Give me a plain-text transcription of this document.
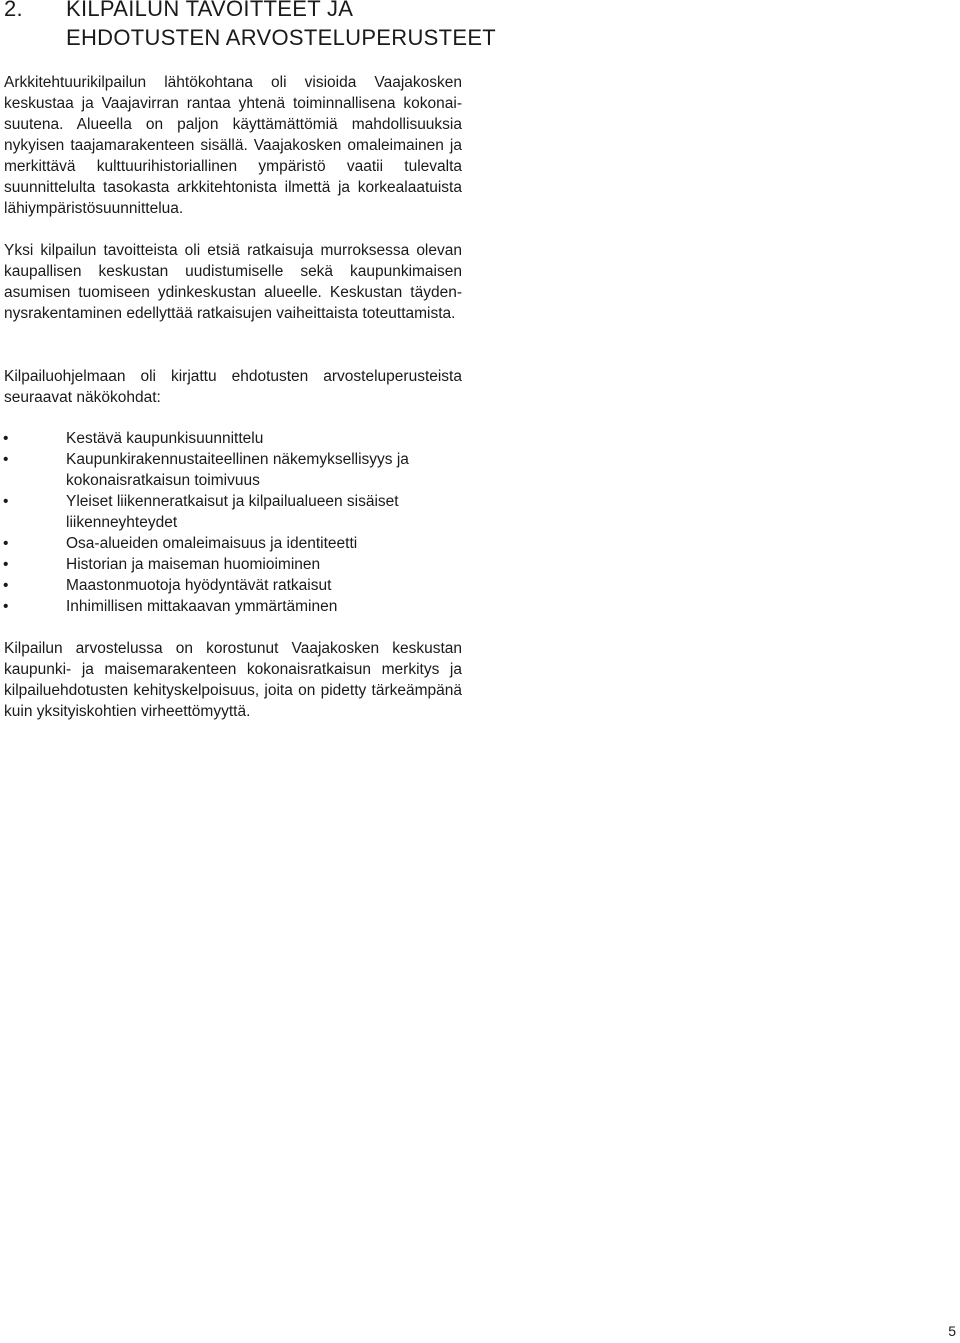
2. KILPAILUN TAVOITTEET JA
EHDOTUSTEN ARVOSTELUPERUSTEET

Arkkitehtuurikilpailun lähtökohtana oli visioida Vaajakosken keskustaa ja Vaajavirran rantaa yhtenä toiminnallisena kokonaisuutena. Alueella on paljon käyttämättömiä mahdollisuuksia nykyisen taajamarakenteen sisällä. Vaajakosken omaleimainen ja merkittävä kulttuurihistoriallinen ympäristö vaatii tulevalta suunnittelulta tasokasta arkkitehtonista ilmettä ja korkealaatuista lähiympäristösuunnittelua.

Yksi kilpailun tavoitteista oli etsiä ratkaisuja murroksessa olevan kaupallisen keskustan uudistumiselle sekä kaupunkimaisen asumisen tuomiseen ydinkeskustan alueelle. Keskustan täydennysrakentaminen edellyttää ratkaisujen vaiheittaista toteuttamista.

Kilpailuohjelmaan oli kirjattu ehdotusten arvosteluperusteista seuraavat näkökohdat:

•	Kestävä kaupunkisuunnittelu
•	Kaupunkirakennustaiteellinen näkemyksellisyys ja kokonaisratkaisun toimivuus
•	Yleiset liikenneratkaisut ja kilpailualueen sisäiset liikenneyhteydet
•	Osa-alueiden omaleimaisuus ja identiteetti
•	Historian ja maiseman huomioiminen
•	Maastonmuotoja hyödyntävät ratkaisut
•	Inhimillisen mittakaavan ymmärtäminen

Kilpailun arvostelussa on korostunut Vaajakosken keskustan kaupunki- ja maisemarakenteen kokonaisratkaisun merkitys ja kilpailuehdotusten kehityskelpoisuus, joita on pidetty tärkeämpänä kuin yksityiskohtien virheettömyyttä.

5
